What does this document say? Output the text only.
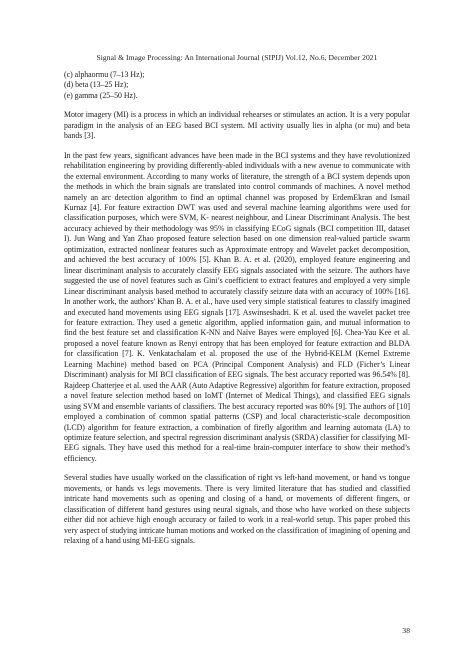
Signal & Image Processing: An International Journal (SIPIJ) Vol.12, No.6, December 2021
(c) alphaormu (7–13 Hz);
(d) beta (13–25 Hz);
(e) gamma (25–50 Hz).

Motor imagery (MI) is a process in which an individual rehearses or stimulates an action. It is a very popular paradigm in the analysis of an EEG based BCI system. MI activity usually lies in alpha (or mu) and beta bands [3].

In the past few years, significant advances have been made in the BCI systems and they have revolutionized rehabilitation engineering by providing differently-abled individuals with a new avenue to communicate with the external environment. According to many works of literature, the strength of a BCI system depends upon the methods in which the brain signals are translated into control commands of machines. A novel method namely an arc detection algorithm to find an optimal channel was proposed by ErdemEkran and Ismail Kurnaz [4]. For feature extraction DWT was used and several machine learning algorithms were used for classification purposes, which were SVM, K- nearest neighbour, and Linear Discriminant Analysis. The best accuracy achieved by their methodology was 95% in classifying ECoG signals (BCI competition III, dataset I). Jun Wang and Yan Zhao proposed feature selection based on one dimension real-valued particle swarm optimization, extracted nonlinear features such as Approximate entropy and Wavelet packet decomposition, and achieved the best accuracy of 100% [5]. Khan B. A. et al. (2020), employed feature engineering and linear discriminant analysis to accurately classify EEG signals associated with the seizure. The authors have suggested the use of novel features such as Gini’s coefficient to extract features and employed a very simple Linear discriminant analysis based method to accurately classify seizure data with an accuracy of 100% [16]. In another work, the authors' Khan B. A. et al., have used very simple statistical features to classify imagined and executed hand movements using EEG signals [17]. Aswinseshadri. K et al. used the wavelet packet tree for feature extraction. They used a genetic algorithm, applied information gain, and mutual information to find the best feature set and classification K-NN and Naïve Bayes were employed [6]. Chea-Yau Kee et al. proposed a novel feature known as Renyi entropy that has been employed for feature extraction and BLDA for classification [7]. K. Venkatachalam et al. proposed the use of the Hybrid-KELM (Kernel Extreme Learning Machine) method based on PCA (Principal Component Analysis) and FLD (Ficher’s Linear Discriminant) analysis for MI BCI classification of EEG signals. The best accuracy reported was 96.54% [8]. Rajdeep Chatterjee et al. used the AAR (Auto Adaptive Regressive) algorithm for feature extraction, proposed a novel feature selection method based on IoMT (Internet of Medical Things), and classified EEG signals using SVM and ensemble variants of classifiers. The best accuracy reported was 80% [9]. The authors of [10] employed a combination of common spatial patterns (CSP) and local characteristic-scale decomposition (LCD) algorithm for feature extraction, a combination of firefly algorithm and learning automata (LA) to optimize feature selection, and spectral regression discriminant analysis (SRDA) classifier for classifying MI-EEG signals. They have used this method for a real-time brain-computer interface to show their method’s efficiency.

Several studies have usually worked on the classification of right vs left-hand movement, or hand vs tongue movements, or hands vs legs movements. There is very limited literature that has studied and classified intricate hand movements such as opening and closing of a hand, or movements of different fingers, or classification of different hand gestures using neural signals, and those who have worked on these subjects either did not achieve high enough accuracy or failed to work in a real-world setup. This paper probed this very aspect of studying intricate human motions and worked on the classification of imagining of opening and relaxing of a hand using MI-EEG signals.

38
